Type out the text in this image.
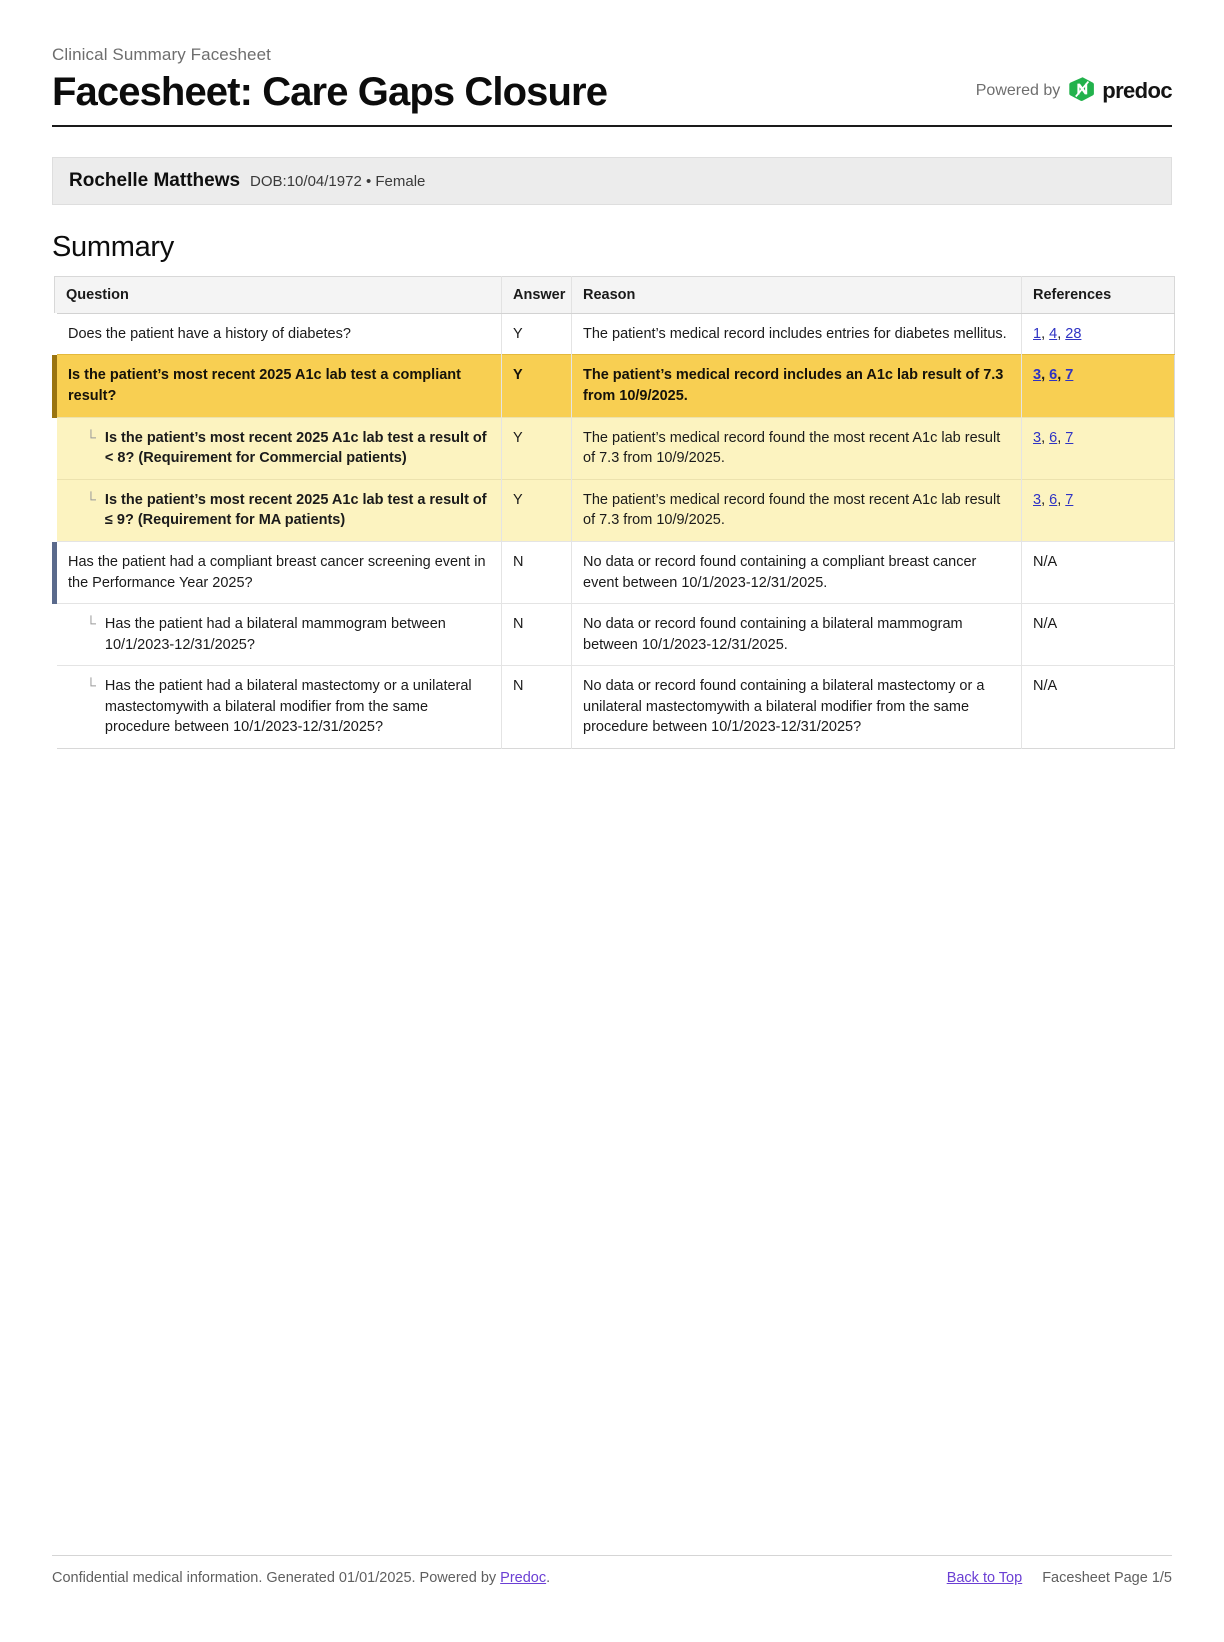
Clinical Summary Facesheet
Facesheet: Care Gaps Closure	Powered by predoc
Rochelle Matthews DOB:10/04/1972 • Female
Summary
Question	Answer	Reason	References
Does the patient have a history of diabetes?	Y	The patient’s medical record includes entries for diabetes mellitus.	1, 4, 28
Is the patient’s most recent 2025 A1c lab test a compliant result?	Y	The patient’s medical record includes an A1c lab result of 7.3 from 10/9/2025.	3, 6, 7

└ Is the patient’s most recent 2025 A1c lab test a result of < 8? (Requirement for Commercial patients)	Y	The patient’s medical record found the most recent A1c lab result of 7.3 from 10/9/2025.	3, 6, 7

└ Is the patient’s most recent 2025 A1c lab test a result of ≤ 9? (Requirement for MA patients)	Y	The patient’s medical record found the most recent A1c lab result of 7.3 from 10/9/2025.	3, 6, 7
Has the patient had a compliant breast cancer screening event in the Performance Year 2025?	N	No data or record found containing a compliant breast cancer event between 10/1/2023-12/31/2025.	N/A

└ Has the patient had a bilateral mammogram between 10/1/2023-12/31/2025?	N	No data or record found containing a bilateral mammogram between 10/1/2023-12/31/2025.	N/A

└ Has the patient had a bilateral mastectomy or a unilateral mastectomywith a bilateral modifier from the same procedure between 10/1/2023-12/31/2025?	N	No data or record found containing a bilateral mastectomy or a unilateral mastectomywith a bilateral modifier from the same procedure between 10/1/2023-12/31/2025?	N/A
Confidential medical information. Generated 01/01/2025. Powered by Predoc.	Back to Top Facesheet Page 1/5
